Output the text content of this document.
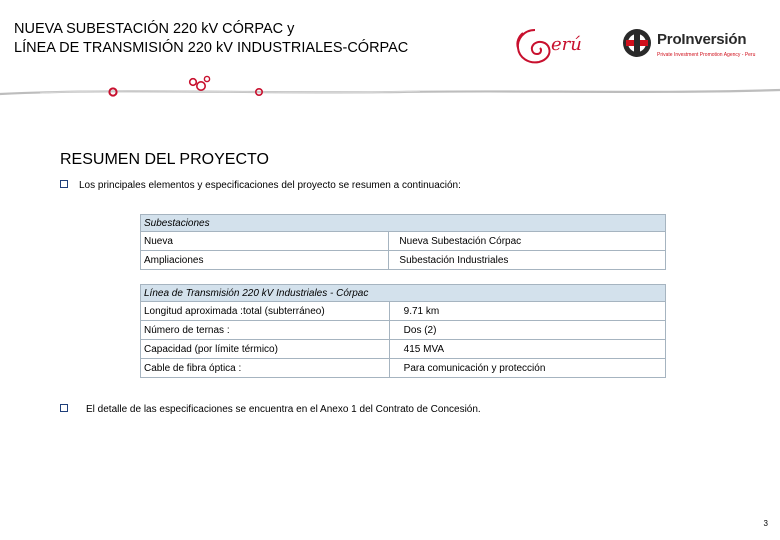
NUEVA SUBESTACIÓN 220 kV CÓRPAC y
LÍNEA DE TRANSMISIÓN 220 kV INDUSTRIALES-CÓRPAC	erú	ProInversión
Private Investment Promotion Agency - Peru
RESUMEN DEL PROYECTO
Los principales elementos y especificaciones del proyecto se resumen a continuación:
Subestaciones	
Nueva	Nueva Subestación Córpac
Ampliaciones	Subestación Industriales
Línea de Transmisión 220 kV Industriales - Córpac	
Longitud aproximada :total (subterráneo)	9.71 km
Número de ternas :	Dos (2)
Capacidad (por límite térmico)	415 MVA
Cable de fibra óptica :	Para comunicación y protección
El detalle de las especificaciones se encuentra en el Anexo 1 del Contrato de Concesión.
3
